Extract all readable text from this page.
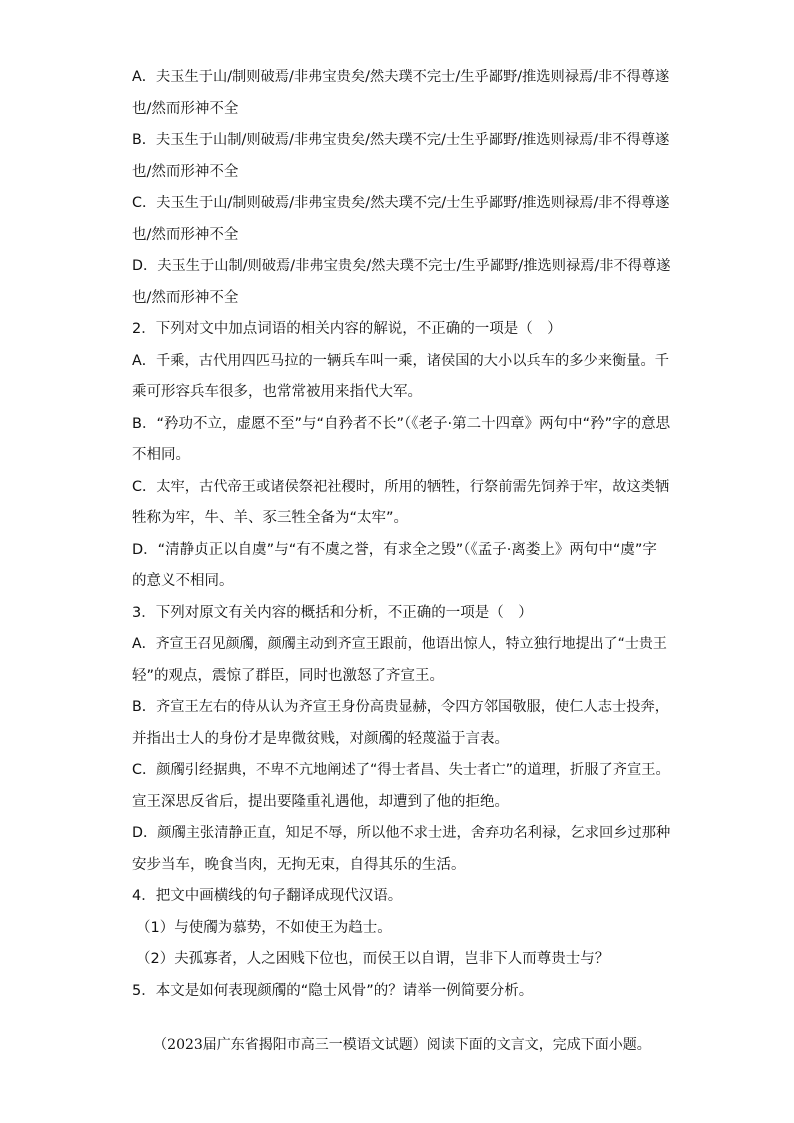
A．夫玉生于山/制则破焉/非弗宝贵矣/然夫璞不完士/生乎鄙野/推选则禄焉/非不得尊遂
也/然而形神不全
B．夫玉生于山制/则破焉/非弗宝贵矣/然夫璞不完/士生乎鄙野/推选则禄焉/非不得尊遂
也/然而形神不全
C．夫玉生于山/制则破焉/非弗宝贵矣/然夫璞不完/士生乎鄙野/推选则禄焉/非不得尊遂
也/然而形神不全
D．夫玉生于山制/则破焉/非弗宝贵矣/然夫璞不完士/生乎鄙野/推选则禄焉/非不得尊遂
也/然而形神不全
2．下列对文中加点词语的相关内容的解说，不正确的一项是（　）
A．千乘，古代用四匹马拉的一辆兵车叫一乘，诸侯国的大小以兵车的多少来衡量。千
乘可形容兵车很多，也常常被用来指代大军。
B．“矜功不立，虚愿不至”与“自矜者不长”（《老子·第二十四章》两句中“矜”字的意思
不相同。
C．太牢，古代帝王或诸侯祭祀社稷时，所用的牺牲，行祭前需先饲养于牢，故这类牺
牲称为牢，牛、羊、豕三牲全备为“太牢”。
D．“清静贞正以自虞”与“有不虞之誉，有求全之毁”（《孟子·离娄上》两句中“虞”字
的意义不相同。
3．下列对原文有关内容的概括和分析，不正确的一项是（　）
A．齐宣王召见颜斶，颜斶主动到齐宣王跟前，他语出惊人，特立独行地提出了“士贵王
轻”的观点，震惊了群臣，同时也激怒了齐宣王。
B．齐宣王左右的侍从认为齐宣王身份高贵显赫，令四方邻国敬服，使仁人志士投奔，
并指出士人的身份才是卑微贫贱，对颜斶的轻蔑溢于言表。
C．颜斶引经据典，不卑不亢地阐述了“得士者昌、失士者亡”的道理，折服了齐宣王。
宣王深思反省后，提出要隆重礼遇他，却遭到了他的拒绝。
D．颜斶主张清静正直，知足不辱，所以他不求士进，舍弃功名利禄，乞求回乡过那种
安步当车，晚食当肉，无拘无束，自得其乐的生活。
4．把文中画横线的句子翻译成现代汉语。
（1）与使斶为慕势，不如使王为趋士。
（2）夫孤寡者，人之困贱下位也，而侯王以自谓，岂非下人而尊贵士与？
5．本文是如何表现颜斶的“隐士风骨”的？请举一例简要分析。
（2023届广东省揭阳市高三一模语文试题）阅读下面的文言文，完成下面小题。
